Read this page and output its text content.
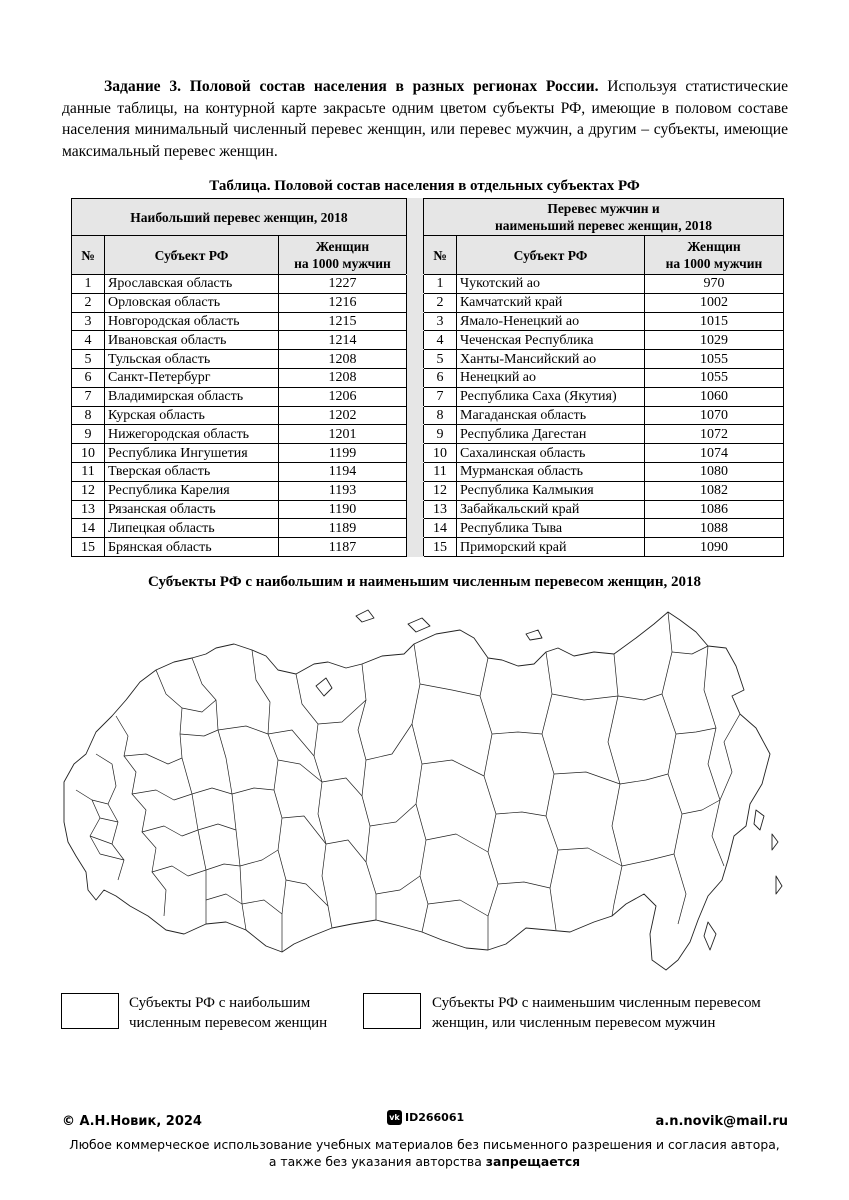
Задание 3. Половой состав населения в разных регионах России. Используя статистические данные таблицы, на контурной карте закрасьте одним цветом субъекты РФ, имеющие в половом составе населения минимальный численный перевес женщин, или перевес мужчин, а другим – субъекты, имеющие максимальный перевес женщин.
Таблица. Половой состав населения в отдельных субъектах РФ
Наибольший перевес женщин, 2018				Перевес мужчин и
наименьший перевес женщин, 2018		
№	Субъект РФ	Женщин
на 1000 мужчин		№	Субъект РФ	Женщин
на 1000 мужчин
1	Ярославская область	1227		1	Чукотский ао	970
2	Орловская область	1216		2	Камчатский край	1002
3	Новгородская область	1215		3	Ямало-Ненецкий ао	1015
4	Ивановская область	1214		4	Чеченская Республика	1029
5	Тульская область	1208		5	Ханты-Мансийский ао	1055
6	Санкт-Петербург	1208		6	Ненецкий ао	1055
7	Владимирская область	1206		7	Республика Саха (Якутия)	1060
8	Курская область	1202		8	Магаданская область	1070
9	Нижегородская область	1201		9	Республика Дагестан	1072
10	Республика Ингушетия	1199		10	Сахалинская область	1074
11	Тверская область	1194		11	Мурманская область	1080
12	Республика Карелия	1193		12	Республика Калмыкия	1082
13	Рязанская область	1190		13	Забайкальский край	1086
14	Липецкая область	1189		14	Республика Тыва	1088
15	Брянская область	1187		15	Приморский край	1090
Субъекты РФ с наибольшим и наименьшим численным перевесом женщин, 2018
Субъекты РФ с наибольшим
численным перевесом женщин
Субъекты РФ с наименьшим численным перевесом
женщин, или численным перевесом мужчин
© А.Н.Новик, 2024	vk ID266061	a.n.novik@mail.ru
Любое коммерческое использование учебных материалов без письменного разрешения и согласия автора,
а также без указания авторства запрещается
